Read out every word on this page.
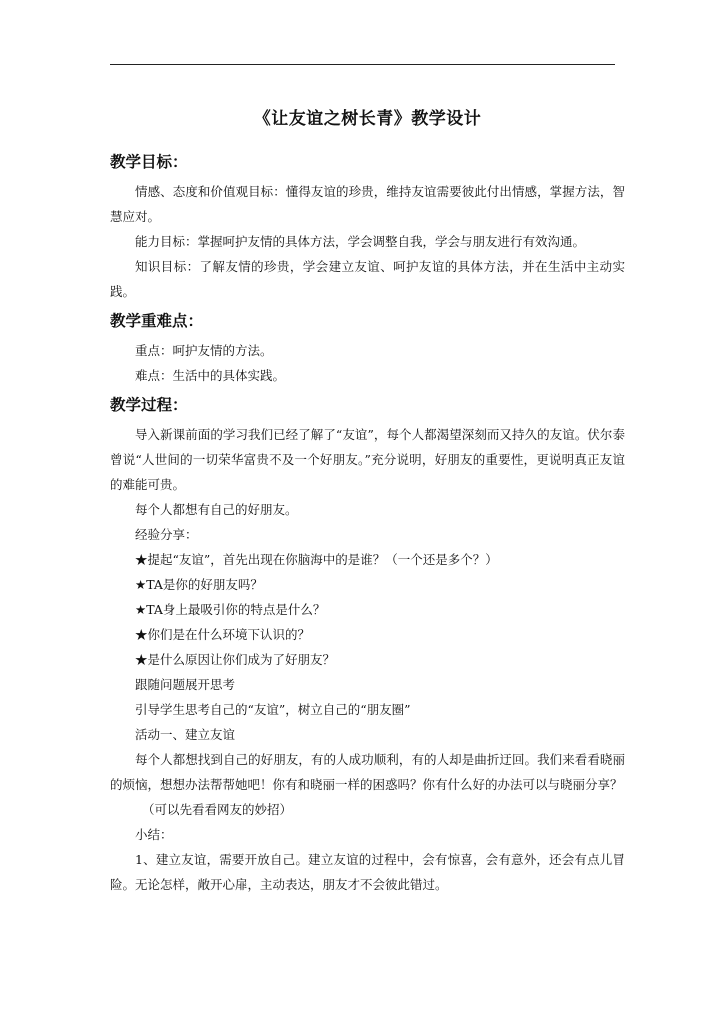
《让友谊之树长青》教学设计
教学目标：

情感、态度和价值观目标：懂得友谊的珍贵，维持友谊需要彼此付出情感，掌握方法，智慧应对。

能力目标：掌握呵护友情的具体方法，学会调整自我，学会与朋友进行有效沟通。

知识目标：了解友情的珍贵，学会建立友谊、呵护友谊的具体方法，并在生活中主动实践。

教学重难点：

重点：呵护友情的方法。

难点：生活中的具体实践。

教学过程：

导入新课前面的学习我们已经了解了“友谊”，每个人都渴望深刻而又持久的友谊。伏尔泰曾说“人世间的一切荣华富贵不及一个好朋友。”充分说明，好朋友的重要性，更说明真正友谊的难能可贵。

每个人都想有自己的好朋友。

经验分享：

★提起“友谊”，首先出现在你脑海中的是谁？（一个还是多个？）

★TA是你的好朋友吗？

★TA身上最吸引你的特点是什么？

★你们是在什么环境下认识的？

★是什么原因让你们成为了好朋友？

跟随问题展开思考

引导学生思考自己的“友谊”，树立自己的“朋友圈”

活动一、建立友谊

每个人都想找到自己的好朋友，有的人成功顺利，有的人却是曲折迂回。我们来看看晓丽的烦恼，想想办法帮帮她吧！你有和晓丽一样的困惑吗？你有什么好的办法可以与晓丽分享？

（可以先看看网友的妙招）

小结：

1、建立友谊，需要开放自己。建立友谊的过程中，会有惊喜，会有意外，还会有点儿冒险。无论怎样，敞开心扉，主动表达，朋友才不会彼此错过。
